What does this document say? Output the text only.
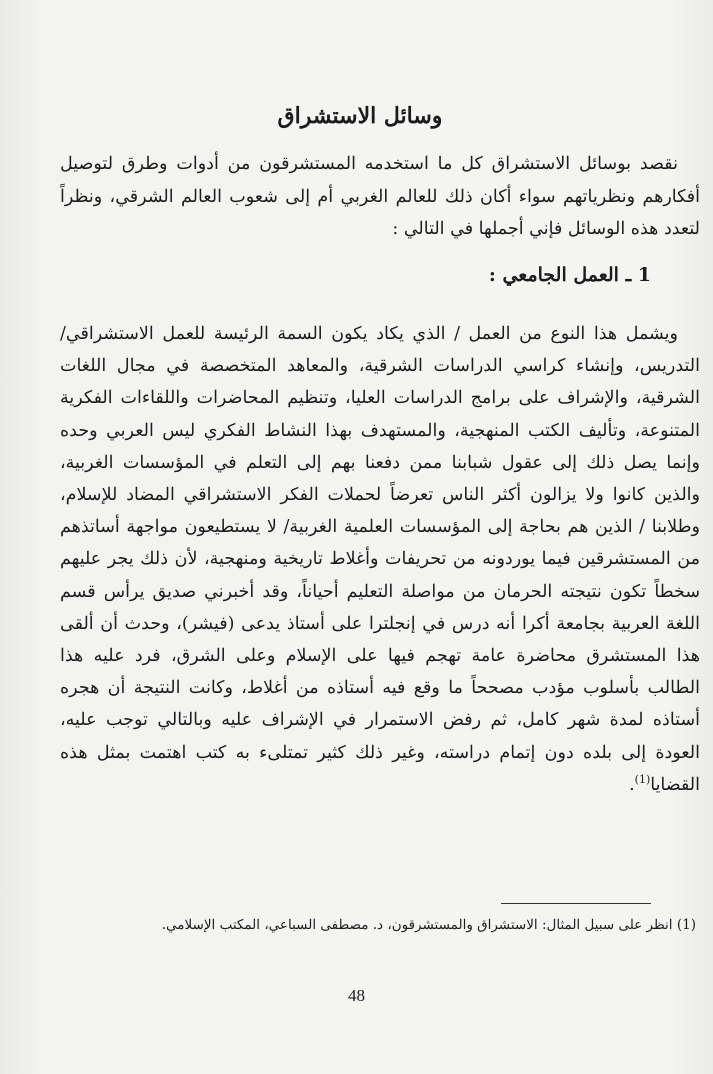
وسائل الاستشراق

نقصد بوسائل الاستشراق كل ما استخدمه المستشرقون من أدوات وطرق لتوصيل أفكارهم ونظرياتهم سواء أكان ذلك للعالم الغربي أم إلى شعوب العالم الشرقي، ونظراً لتعدد هذه الوسائل فإني أجملها في التالي :

1 ـ العمل الجامعي :

ويشمل هذا النوع من العمل / الذي يكاد يكون السمة الرئيسة للعمل الاستشراقي/ التدريس، وإنشاء كراسي الدراسات الشرقية، والمعاهد المتخصصة في مجال اللغات الشرقية، والإشراف على برامج الدراسات العليا، وتنظيم المحاضرات واللقاءات الفكرية المتنوعة، وتأليف الكتب المنهجية، والمستهدف بهذا النشاط الفكري ليس العربي وحده وإنما يصل ذلك إلى عقول شبابنا ممن دفعنا بهم إلى التعلم في المؤسسات الغربية، والذين كانوا ولا يزالون أكثر الناس تعرضاً لحملات الفكر الاستشراقي المضاد للإسلام، وطلابنا / الذين هم بحاجة إلى المؤسسات العلمية الغربية/ لا يستطيعون مواجهة أساتذهم من المستشرقين فيما يوردونه من تحريفات وأغلاط تاريخية ومنهجية، لأن ذلك يجر عليهم سخطاً تكون نتيجته الحرمان من مواصلة التعليم أحياناً، وقد أخبرني صديق يرأس قسم اللغة العربية بجامعة أكرا أنه درس في إنجلترا على أستاذ يدعى (فيشر)، وحدث أن ألقى هذا المستشرق محاضرة عامة تهجم فيها على الإسلام وعلى الشرق، فرد عليه هذا الطالب بأسلوب مؤدب مصححاً ما وقع فيه أستاذه من أغلاط، وكانت النتيجة أن هجره أستاذه لمدة شهر كامل، ثم رفض الاستمرار في الإشراف عليه وبالتالي توجب عليه، العودة إلى بلده دون إتمام دراسته، وغير ذلك كثير تمتلىء به كتب اهتمت بمثل هذه القضايا$^{(1)}$.

(1) انظر على سبيل المثال: الاستشراق والمستشرقون، د. مصطفى السباعي، المكتب الإسلامي.
48
